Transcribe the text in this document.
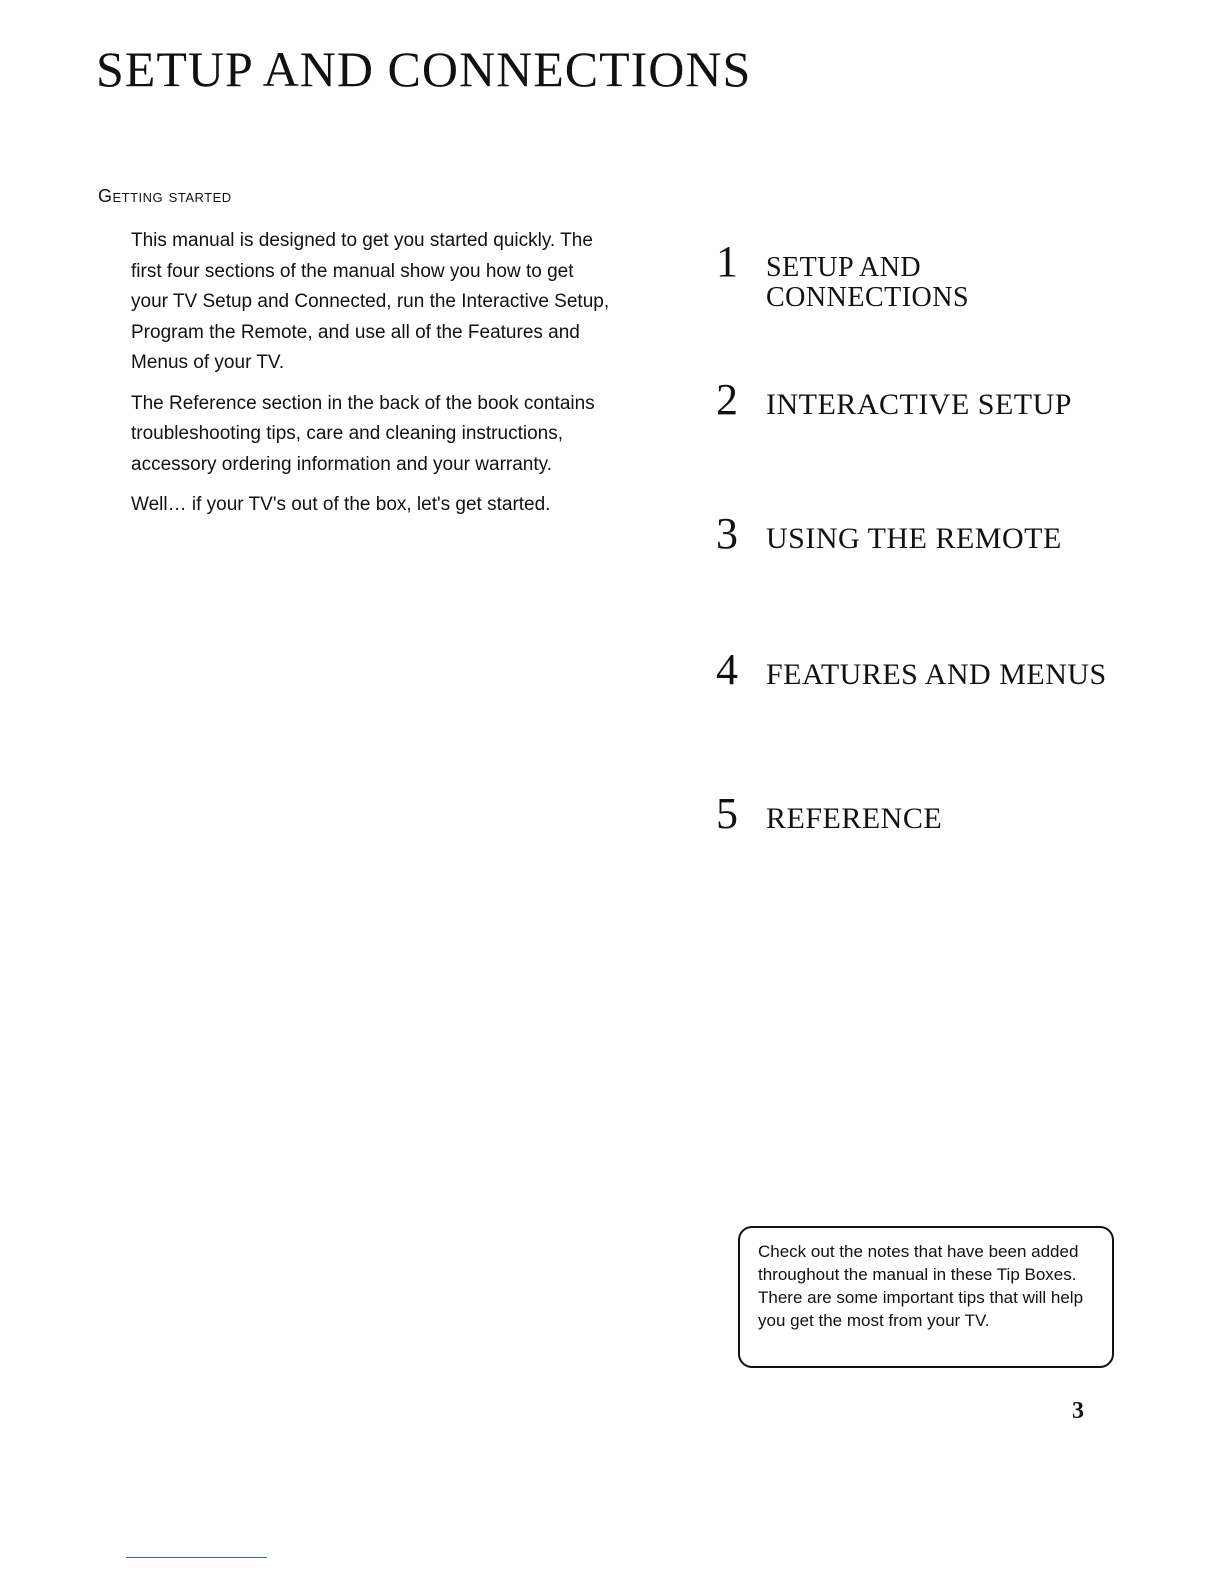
SETUP AND CONNECTIONS
Getting started

This manual is designed to get you started quickly. The first four sections of the manual show you how to get your TV Setup and Connected, run the Interactive Setup, Program the Remote, and use all of the Features and Menus of your TV.

The Reference section in the back of the book contains troubleshooting tips, care and cleaning instructions, accessory ordering information and your warranty.

Well… if your TV's out of the box, let's get started.

1	SETUP AND CONNECTIONS
2 INTERACTIVE SETUP
3 USING THE REMOTE
4 FEATURES AND MENUS
5 REFERENCE
Check out the notes that have been added throughout the manual in these Tip Boxes. There are some important tips that will help you get the most from your TV.
3
